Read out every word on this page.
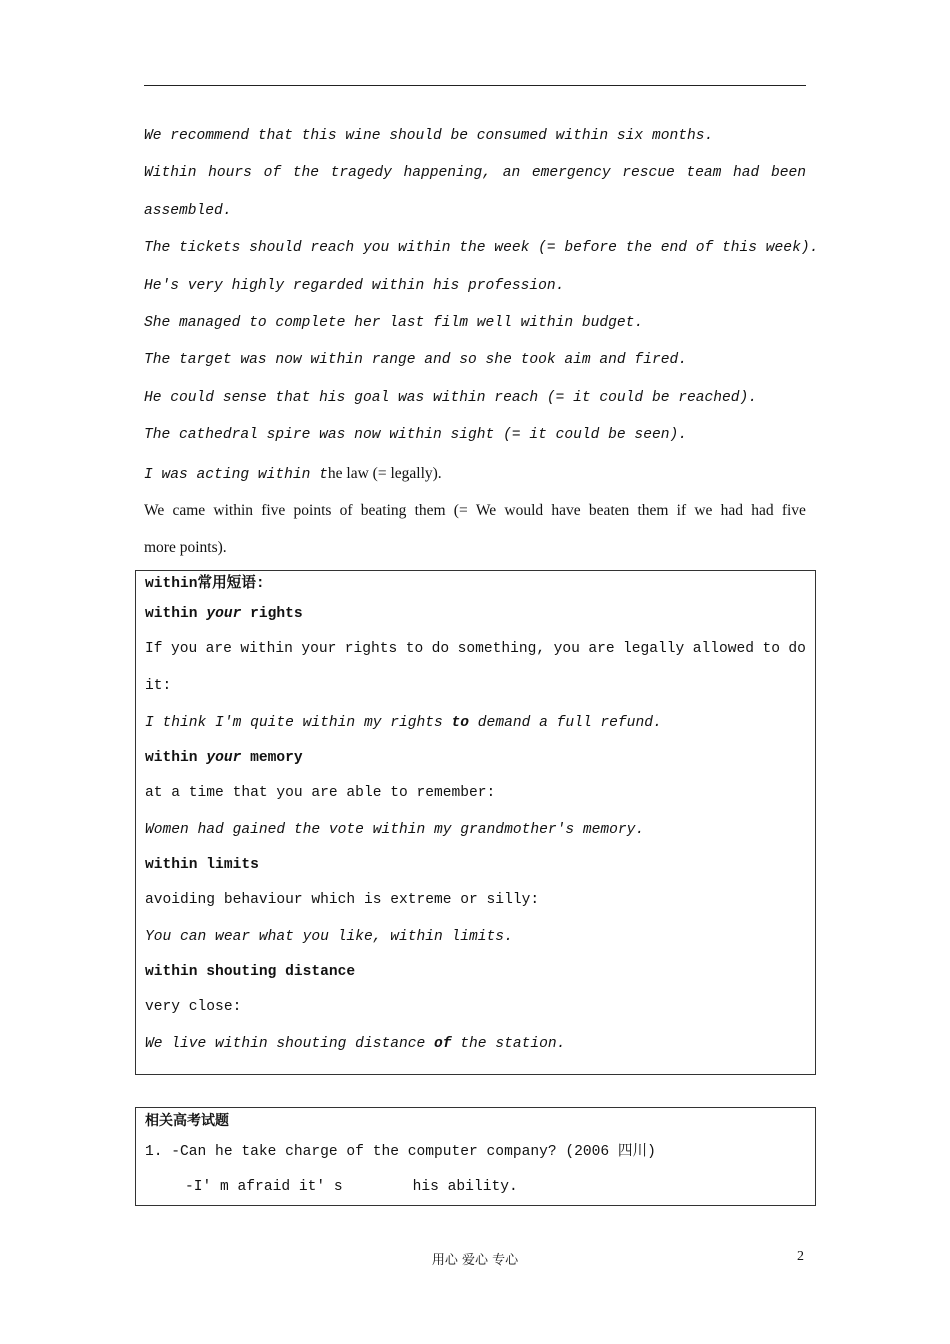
We recommend that this wine should be consumed within six months.
Within hours of the tragedy happening, an emergency rescue team had been
assembled.
The tickets should reach you within the week (= before the end of this week).
He's very highly regarded within his profession.
She managed to complete her last film well within budget.
The target was now within range and so she took aim and fired.
He could sense that his goal was within reach (= it could be reached).
The cathedral spire was now within sight (= it could be seen).
I was acting within the law (= legally).
We came within five points of beating them (= We would have beaten them if we had had five
more points).
within常用短语:
within your rights
If you are within your rights to do something, you are legally allowed to do
it:
I think I'm quite within my rights to demand a full refund.
within your memory
at a time that you are able to remember:
Women had gained the vote within my grandmother's memory.
within limits
avoiding behaviour which is extreme or silly:
You can wear what you like, within limits.
within shouting distance
very close:
We live within shouting distance of the station.
相关高考试题
1. -Can he take charge of the computer company? (2006 四川)
-I' m afraid it' s	his ability.
用心 爱心 专心	2
